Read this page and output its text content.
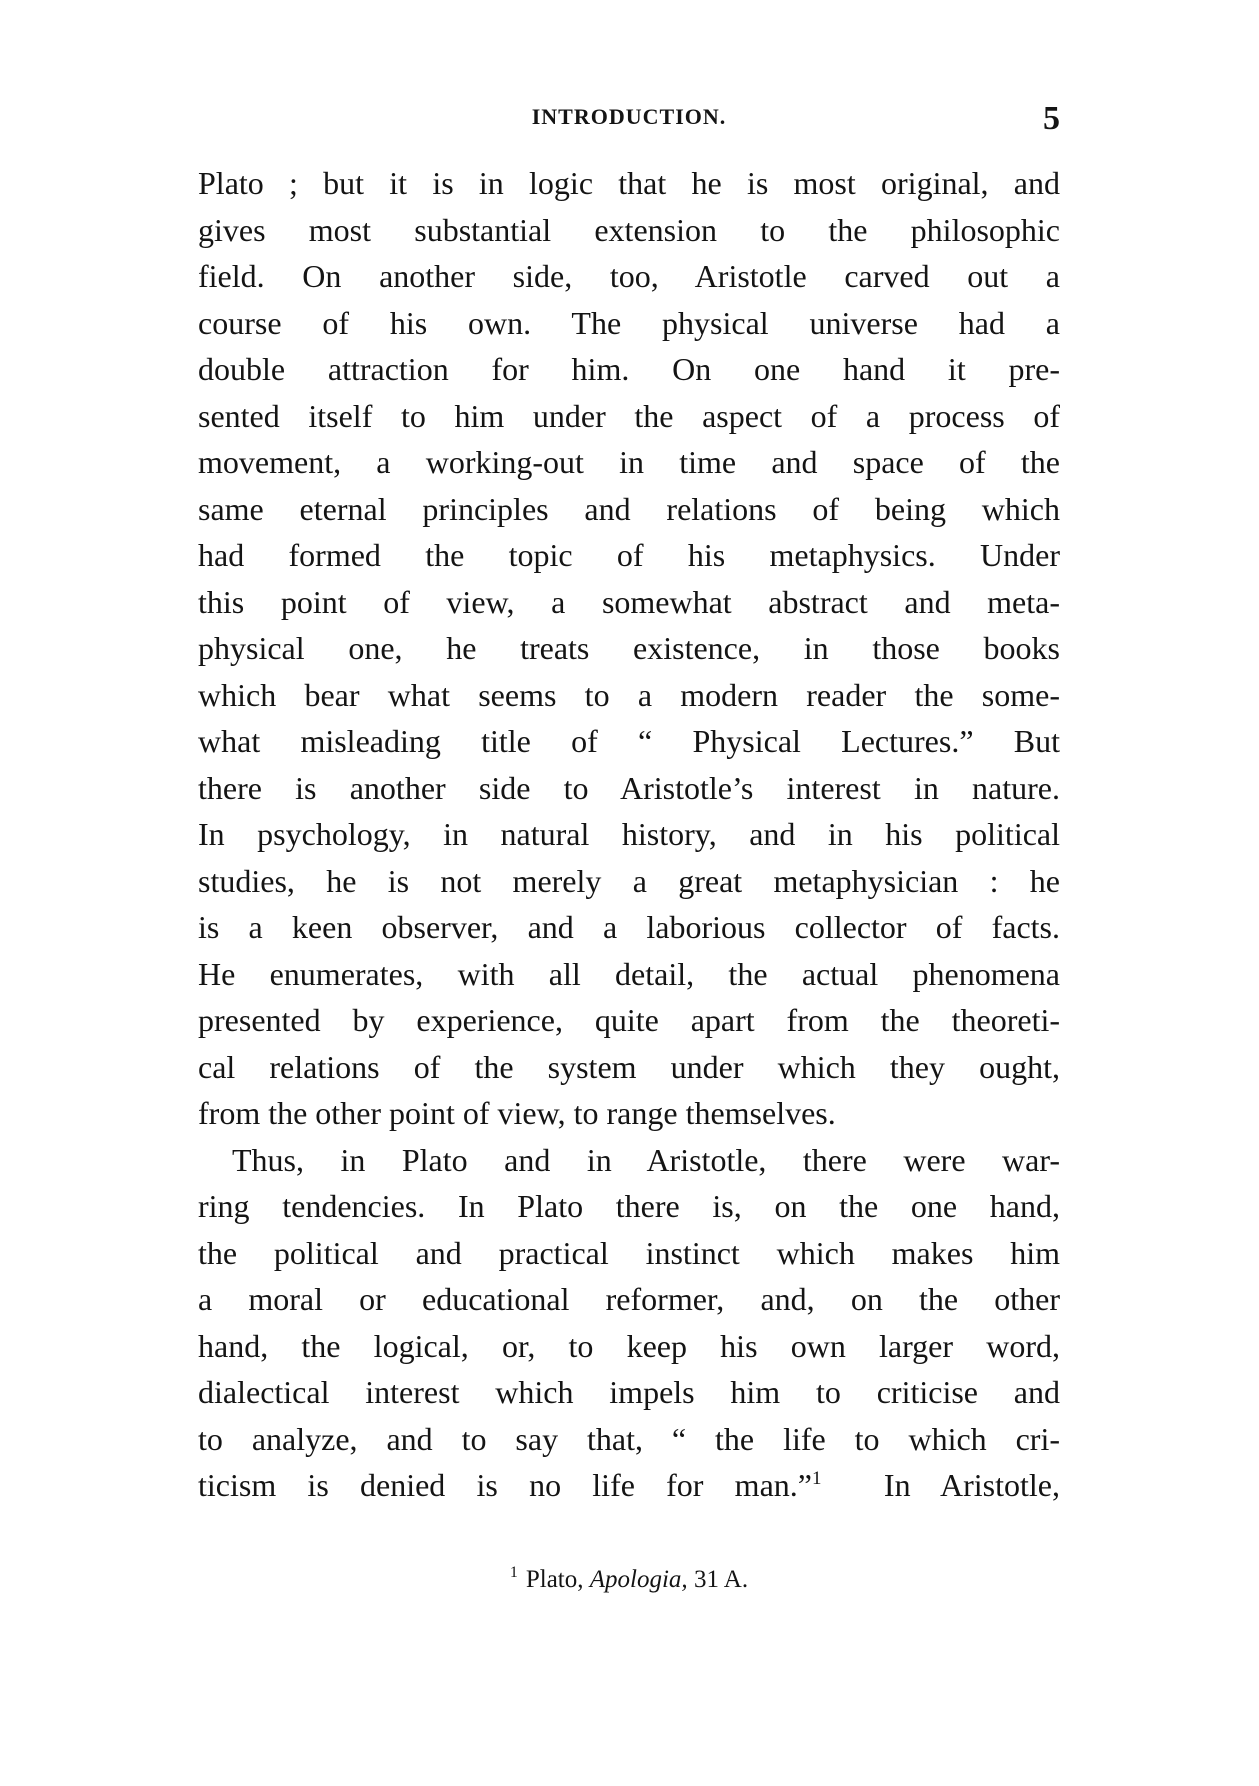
INTRODUCTION.	5
Plato ; but it is in logic that he is most original, and
gives most substantial extension to the philosophic
field. On another side, too, Aristotle carved out a
course of his own. The physical universe had a
double attraction for him. On one hand it pre-
sented itself to him under the aspect of a process of
movement, a working-out in time and space of the
same eternal principles and relations of being which
had formed the topic of his metaphysics. Under
this point of view, a somewhat abstract and meta-
physical one, he treats existence, in those books
which bear what seems to a modern reader the some-
what misleading title of “ Physical Lectures.” But
there is another side to Aristotle’s interest in nature.
In psychology, in natural history, and in his political
studies, he is not merely a great metaphysician : he
is a keen observer, and a laborious collector of facts.
He enumerates, with all detail, the actual phenomena
presented by experience, quite apart from the theoreti-
cal relations of the system under which they ought,
from the other point of view, to range themselves.
Thus, in Plato and in Aristotle, there were war-
ring tendencies. In Plato there is, on the one hand,
the political and practical instinct which makes him
a moral or educational reformer, and, on the other
hand, the logical, or, to keep his own larger word,
dialectical interest which impels him to criticise and
to analyze, and to say that, “ the life to which cri-
ticism is denied is no life for man.”$^1$ In Aristotle,
$^1$ Plato, Apologia, 31 A.
